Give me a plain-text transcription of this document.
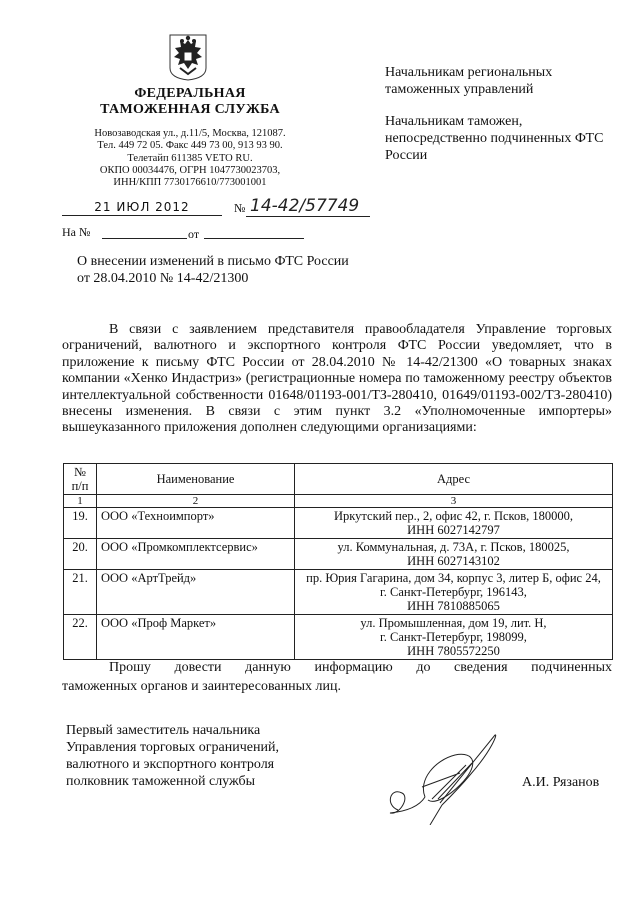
ФЕДЕРАЛЬНАЯ
ТАМОЖЕННАЯ СЛУЖБА
Новозаводская ул., д.11/5, Москва, 121087.
Тел. 449 72 05. Факс 449 73 00, 913 93 90.
Телетайп 611385 VETO RU.
ОКПО 00034476, ОГРН 1047730023703,
ИНН/КПП 7730176610/773001001
21 ИЮЛ 2012	№ 14-42/57749
На №	от

Начальникам региональных таможенных управлений

Начальникам таможен, непосредственно подчиненных ФТС России

О внесении изменений в письмо ФТС России от 28.04.2010 № 14-42/21300

В связи с заявлением представителя правообладателя Управление торговых ограничений, валютного и экспортного контроля ФТС России уведомляет, что в приложение к письму ФТС России от 28.04.2010 № 14-42/21300 «О товарных знаках компании «Хенко Индастриз» (регистрационные номера по таможенному реестру объектов интеллектуальной собственности 01648/01193-001/ТЗ-280410, 01649/01193-002/ТЗ-280410) внесены изменения. В связи с этим пункт 3.2 «Уполномоченные импортеры» вышеуказанного приложения дополнен следующими организациями:

№ п/п	Наименование	Адрес
1	2	3
19.	ООО «Техноимпорт»	Иркутский пер., 2, офис 42, г. Псков, 180000,
ИНН 6027142797

20.	ООО «Промкомплектсервис»	ул. Коммунальная, д. 73А, г. Псков, 180025,
ИНН 6027143102

21.	ООО «АртТрейд»	пр. Юрия Гагарина, дом 34, корпус 3, литер Б, офис 24,
г. Санкт-Петербург, 196143,
ИНН 7810885065

22.	ООО «Проф Маркет»	ул. Промышленная, дом 19, лит. Н,
г. Санкт-Петербург, 198099,
ИНН 7805572250

Прошу довести данную информацию до сведения подчиненных

таможенных органов и заинтересованных лиц.

Первый заместитель начальника
Управления торговых ограничений,
валютного и экспортного контроля
полковник таможенной службы	А.И. Рязанов
